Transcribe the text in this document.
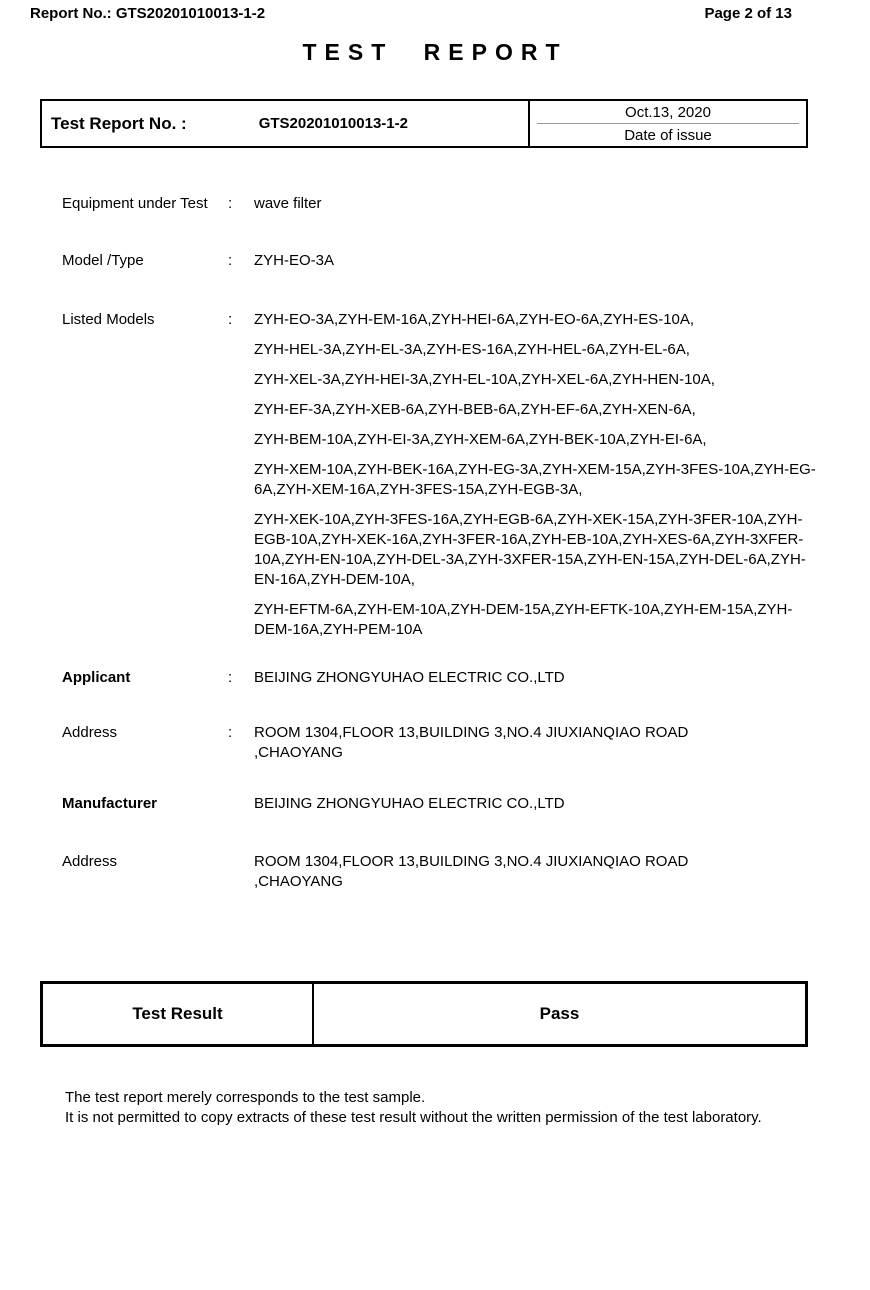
Report No.: GTS20201010013-1-2	Page 2 of 13
TEST REPORT
Test Report No. :	GTS20201010013-1-2
Oct.13, 2020
Date of issue
Equipment under Test	:	wave filter
Model /Type	:	ZYH-EO-3A
Listed Models	:	ZYH-EO-3A,ZYH-EM-16A,ZYH-HEI-6A,ZYH-EO-6A,ZYH-ES-10A,
ZYH-HEL-3A,ZYH-EL-3A,ZYH-ES-16A,ZYH-HEL-6A,ZYH-EL-6A,
ZYH-XEL-3A,ZYH-HEI-3A,ZYH-EL-10A,ZYH-XEL-6A,ZYH-HEN-10A,
ZYH-EF-3A,ZYH-XEB-6A,ZYH-BEB-6A,ZYH-EF-6A,ZYH-XEN-6A,
ZYH-BEM-10A,ZYH-EI-3A,ZYH-XEM-6A,ZYH-BEK-10A,ZYH-EI-6A,
ZYH-XEM-10A,ZYH-BEK-16A,ZYH-EG-3A,ZYH-XEM-15A,ZYH-3FES-10A,ZYH-EG-6A,ZYH-XEM-16A,ZYH-3FES-15A,ZYH-EGB-3A,
ZYH-XEK-10A,ZYH-3FES-16A,ZYH-EGB-6A,ZYH-XEK-15A,ZYH-3FER-10A,ZYH-EGB-10A,ZYH-XEK-16A,ZYH-3FER-16A,ZYH-EB-10A,ZYH-XES-6A,ZYH-3XFER-10A,ZYH-EN-10A,ZYH-DEL-3A,ZYH-3XFER-15A,ZYH-EN-15A,ZYH-DEL-6A,ZYH-EN-16A,ZYH-DEM-10A,
ZYH-EFTM-6A,ZYH-EM-10A,ZYH-DEM-15A,ZYH-EFTK-10A,ZYH-EM-15A,ZYH-DEM-16A,ZYH-PEM-10A
Applicant	:	BEIJING ZHONGYUHAO ELECTRIC CO.,LTD
Address	:	ROOM 1304,FLOOR 13,BUILDING 3,NO.4 JIUXIANQIAO ROAD ,CHAOYANG
Manufacturer	BEIJING ZHONGYUHAO ELECTRIC CO.,LTD
Address	ROOM 1304,FLOOR 13,BUILDING 3,NO.4 JIUXIANQIAO ROAD ,CHAOYANG
Test Result	Pass
The test report merely corresponds to the test sample.
It is not permitted to copy extracts of these test result without the written permission of the test laboratory.
